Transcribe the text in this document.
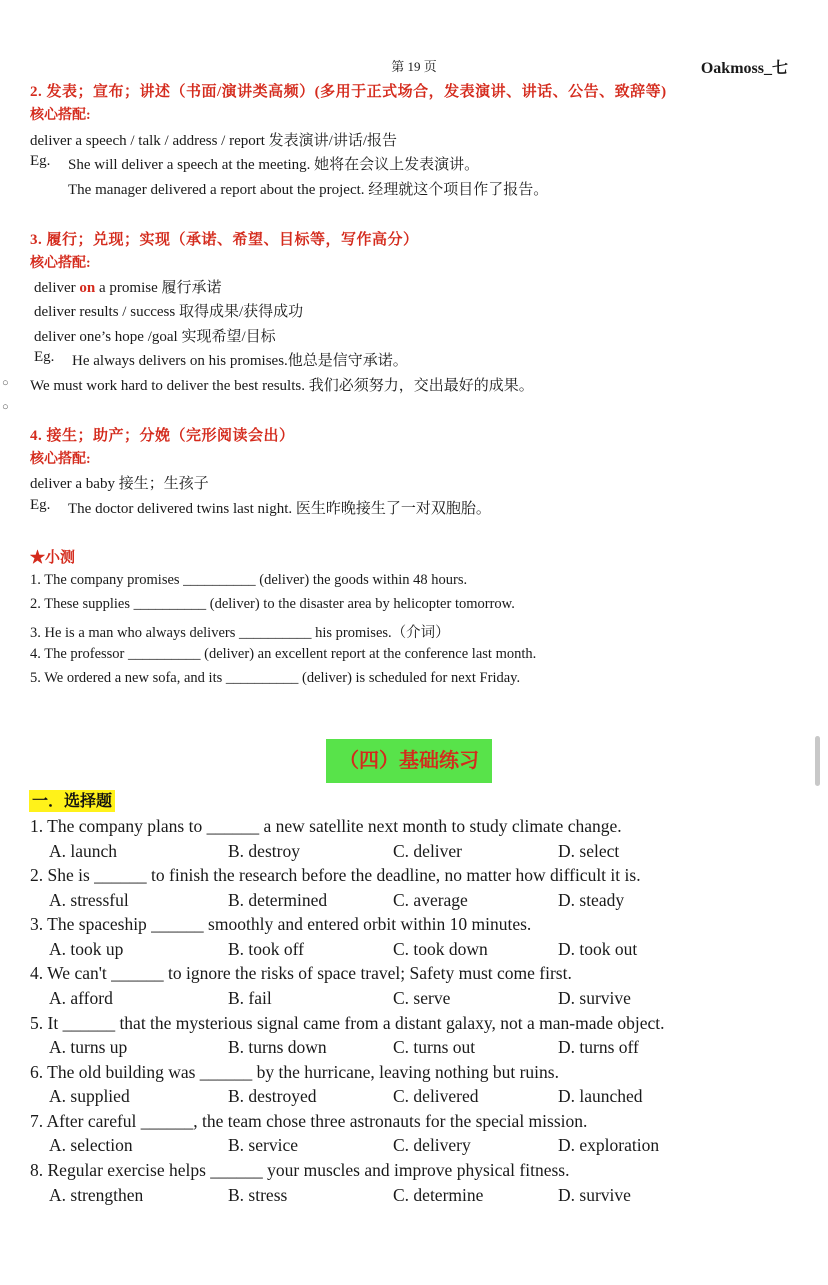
第 19 页	Oakmoss_七
2. 发表；宣布；讲述（书面/演讲类高频）(多用于正式场合，发表演讲、讲话、公告、致辞等)
核心搭配:
deliver a speech / talk / address / report 发表演讲/讲话/报告
Eg. She will deliver a speech at the meeting. 她将在会议上发表演讲。
The manager delivered a report about the project. 经理就这个项目作了报告。
3. 履行；兑现；实现（承诺、希望、目标等，写作高分）
核心搭配:
deliver on a promise 履行承诺
deliver results / success 取得成果/获得成功
deliver one’s hope /goal 实现希望/目标
Eg. He always delivers on his promises.他总是信守承诺。
○ We must work hard to deliver the best results. 我们必须努力，交出最好的成果。
○
4. 接生；助产；分娩（完形阅读会出）
核心搭配:
deliver a baby 接生；生孩子
Eg. The doctor delivered twins last night. 医生昨晚接生了一对双胞胎。
★小测
1. The company promises __________ (deliver) the goods within 48 hours.
2. These supplies __________ (deliver) to the disaster area by helicopter tomorrow.
3. He is a man who always delivers __________ his promises.（介词）
4. The professor __________ (deliver) an excellent report at the conference last month.
5. We ordered a new sofa, and its __________ (deliver) is scheduled for next Friday.
（四）基础练习
一．选择题
1. The company plans to ______ a new satellite next month to study climate change.
A. launch	B. destroy	C. deliver	D. select
2. She is ______ to finish the research before the deadline, no matter how difficult it is.
A. stressful	B. determined	C. average	D. steady
3. The spaceship ______ smoothly and entered orbit within 10 minutes.
A. took up	B. took off	C. took down	D. took out
4. We can't ______ to ignore the risks of space travel; Safety must come first.
A. afford	B. fail	C. serve	D. survive
5. It ______ that the mysterious signal came from a distant galaxy, not a man-made object.
A. turns up	B. turns down	C. turns out	D. turns off
6. The old building was ______ by the hurricane, leaving nothing but ruins.
A. supplied	B. destroyed	C. delivered	D. launched
7. After careful ______, the team chose three astronauts for the special mission.
A. selection	B. service	C. delivery	D. exploration
8. Regular exercise helps ______ your muscles and improve physical fitness.
A. strengthen	B. stress	C. determine	D. survive
